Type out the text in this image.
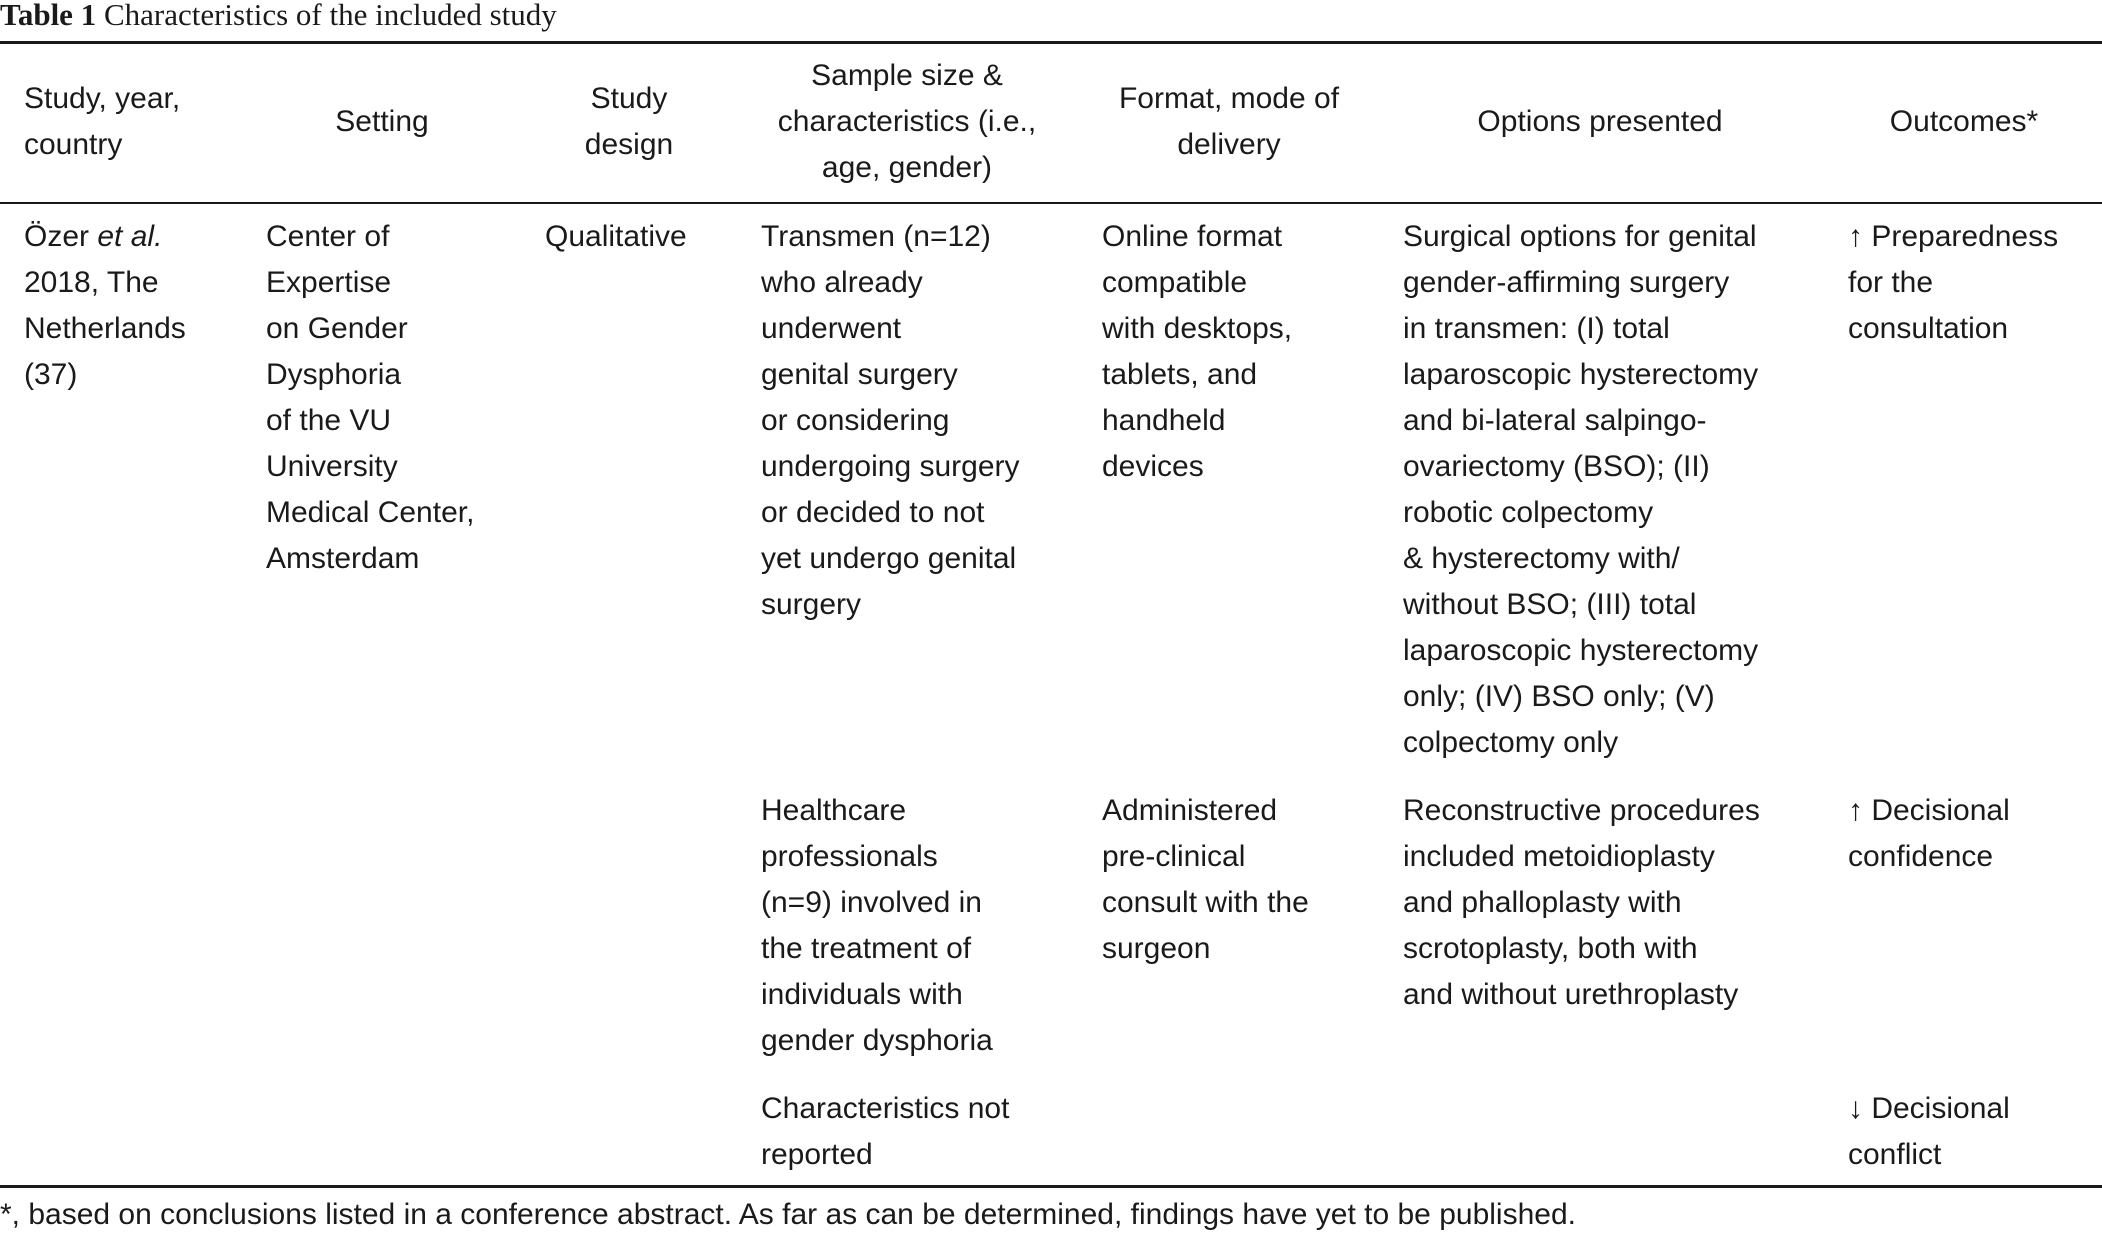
Table 1 Characteristics of the included study
Study, year,
country
Setting
Study
design
Sample size &
characteristics (i.e.,
age, gender)
Format, mode of
delivery
Options presented	Outcomes*
Özer et al.
2018, The
Netherlands
(37)
Center of
Expertise
on Gender
Dysphoria
of the VU
University
Medical Center,
Amsterdam
Qualitative	Transmen (n=12)
who already
underwent
genital surgery
or considering
undergoing surgery
or decided to not
yet undergo genital
surgery
Online format
compatible
with desktops,
tablets, and
handheld
devices
Surgical options for genital
gender-affirming surgery
in transmen: (I) total
laparoscopic hysterectomy
and bi-lateral salpingo-
ovariectomy (BSO); (II)
robotic colpectomy
& hysterectomy with/
without BSO; (III) total
laparoscopic hysterectomy
only; (IV) BSO only; (V)
colpectomy only
↑ Preparedness
for the
consultation
Healthcare
professionals
(n=9) involved in
the treatment of
individuals with
gender dysphoria
Administered
pre-clinical
consult with the
surgeon
Reconstructive procedures
included metoidioplasty
and phalloplasty with
scrotoplasty, both with
and without urethroplasty
↑ Decisional
confidence
Characteristics not
reported
↓ Decisional
conflict
*, based on conclusions listed in a conference abstract. As far as can be determined, findings have yet to be published.
